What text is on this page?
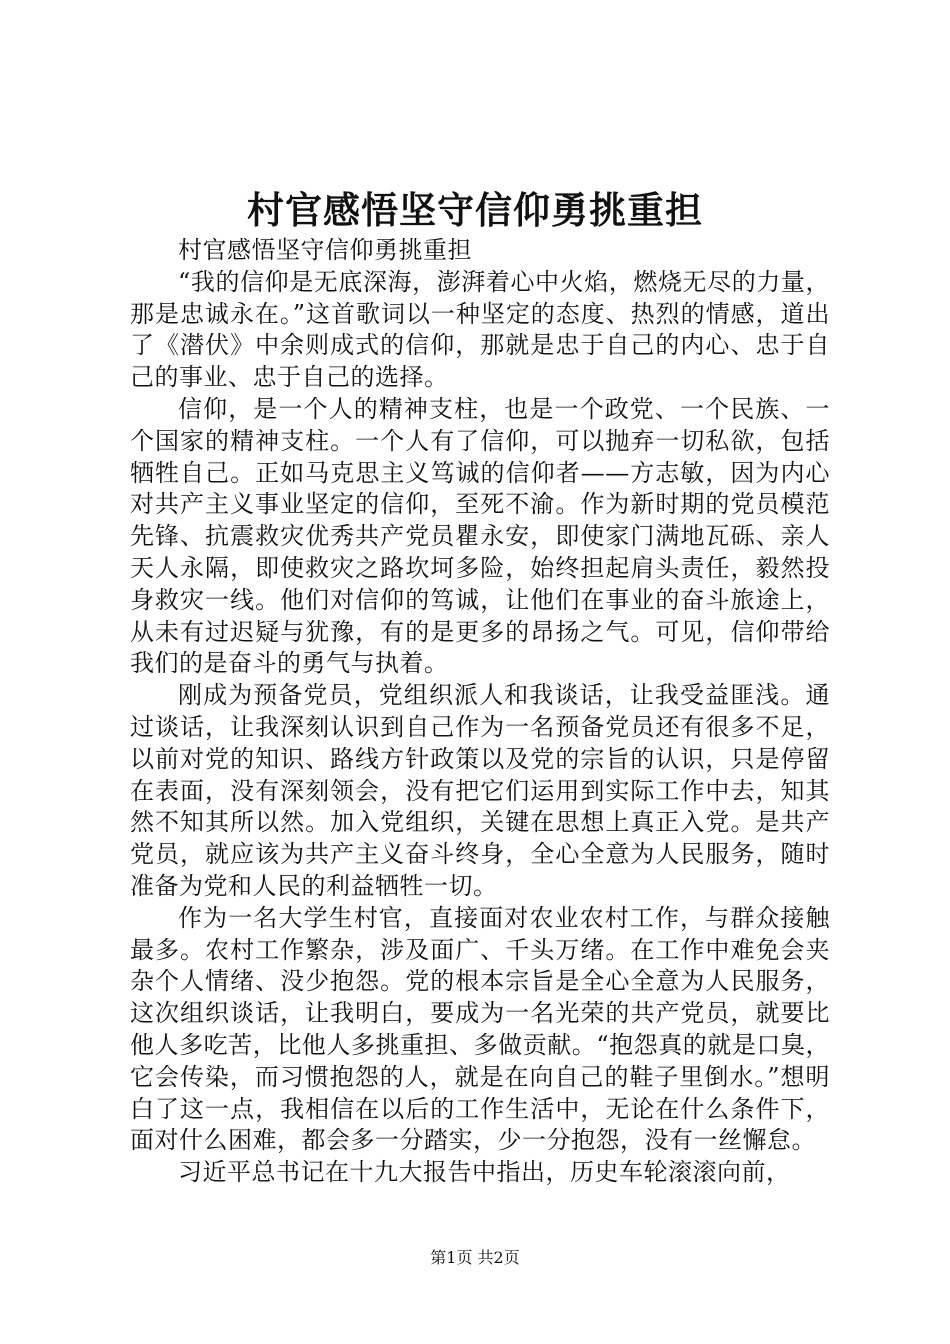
村官感悟坚守信仰勇挑重担

村官感悟坚守信仰勇挑重担

“我的信仰是无底深海，澎湃着心中火焰，燃烧无尽的力量，那是忠诚永在。”这首歌词以一种坚定的态度、热烈的情感，道出了《潜伏》中余则成式的信仰，那就是忠于自己的内心、忠于自己的事业、忠于自己的选择。

信仰，是一个人的精神支柱，也是一个政党、一个民族、一个国家的精神支柱。一个人有了信仰，可以抛弃一切私欲，包括牺牲自己。正如马克思主义笃诚的信仰者——方志敏，因为内心对共产主义事业坚定的信仰，至死不渝。作为新时期的党员模范先锋、抗震救灾优秀共产党员瞿永安，即使家门满地瓦砾、亲人天人永隔，即使救灾之路坎坷多险，始终担起肩头责任，毅然投身救灾一线。他们对信仰的笃诚，让他们在事业的奋斗旅途上，从未有过迟疑与犹豫，有的是更多的昂扬之气。可见，信仰带给我们的是奋斗的勇气与执着。

刚成为预备党员，党组织派人和我谈话，让我受益匪浅。通过谈话，让我深刻认识到自己作为一名预备党员还有很多不足，以前对党的知识、路线方针政策以及党的宗旨的认识，只是停留在表面，没有深刻领会，没有把它们运用到实际工作中去，知其然不知其所以然。加入党组织，关键在思想上真正入党。是共产党员，就应该为共产主义奋斗终身，全心全意为人民服务，随时准备为党和人民的利益牺牲一切。

作为一名大学生村官，直接面对农业农村工作，与群众接触最多。农村工作繁杂，涉及面广、千头万绪。在工作中难免会夹杂个人情绪、没少抱怨。党的根本宗旨是全心全意为人民服务，这次组织谈话，让我明白，要成为一名光荣的共产党员，就要比他人多吃苦，比他人多挑重担、多做贡献。“抱怨真的就是口臭，它会传染，而习惯抱怨的人，就是在向自己的鞋子里倒水。”想明白了这一点，我相信在以后的工作生活中，无论在什么条件下，面对什么困难，都会多一分踏实，少一分抱怨，没有一丝懈怠。

习近平总书记在十九大报告中指出，历史车轮滚滚向前，

第1页 共2页
